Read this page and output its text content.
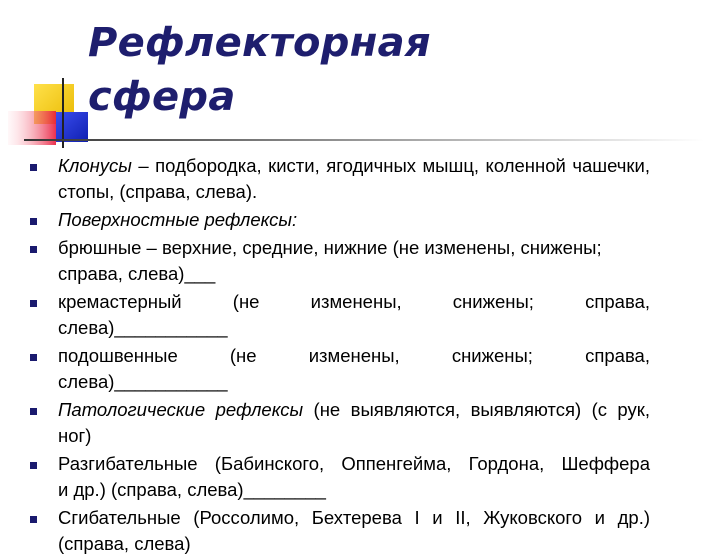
Рефлекторная
сфера
Клонусы – подбородка, кисти, ягодичных мышц, коленной чашечки, стопы, (справа, слева).
Поверхностные рефлексы:
брюшные – верхние, средние, нижние (не изменены, снижены;
справа, слева)___
кремастерный (не изменены, снижены; справа,
слева)___________
подошвенные (не изменены, снижены; справа,
слева)___________
Патологические рефлексы (не выявляются, выявляются) (с рук, ног)
Разгибательные (Бабинского, Оппенгейма, Гордона, Шеффера
и др.) (справа, слева)________
Сгибательные (Россолимо, Бехтерева I и II, Жуковского и др.)
(справа, слева)
